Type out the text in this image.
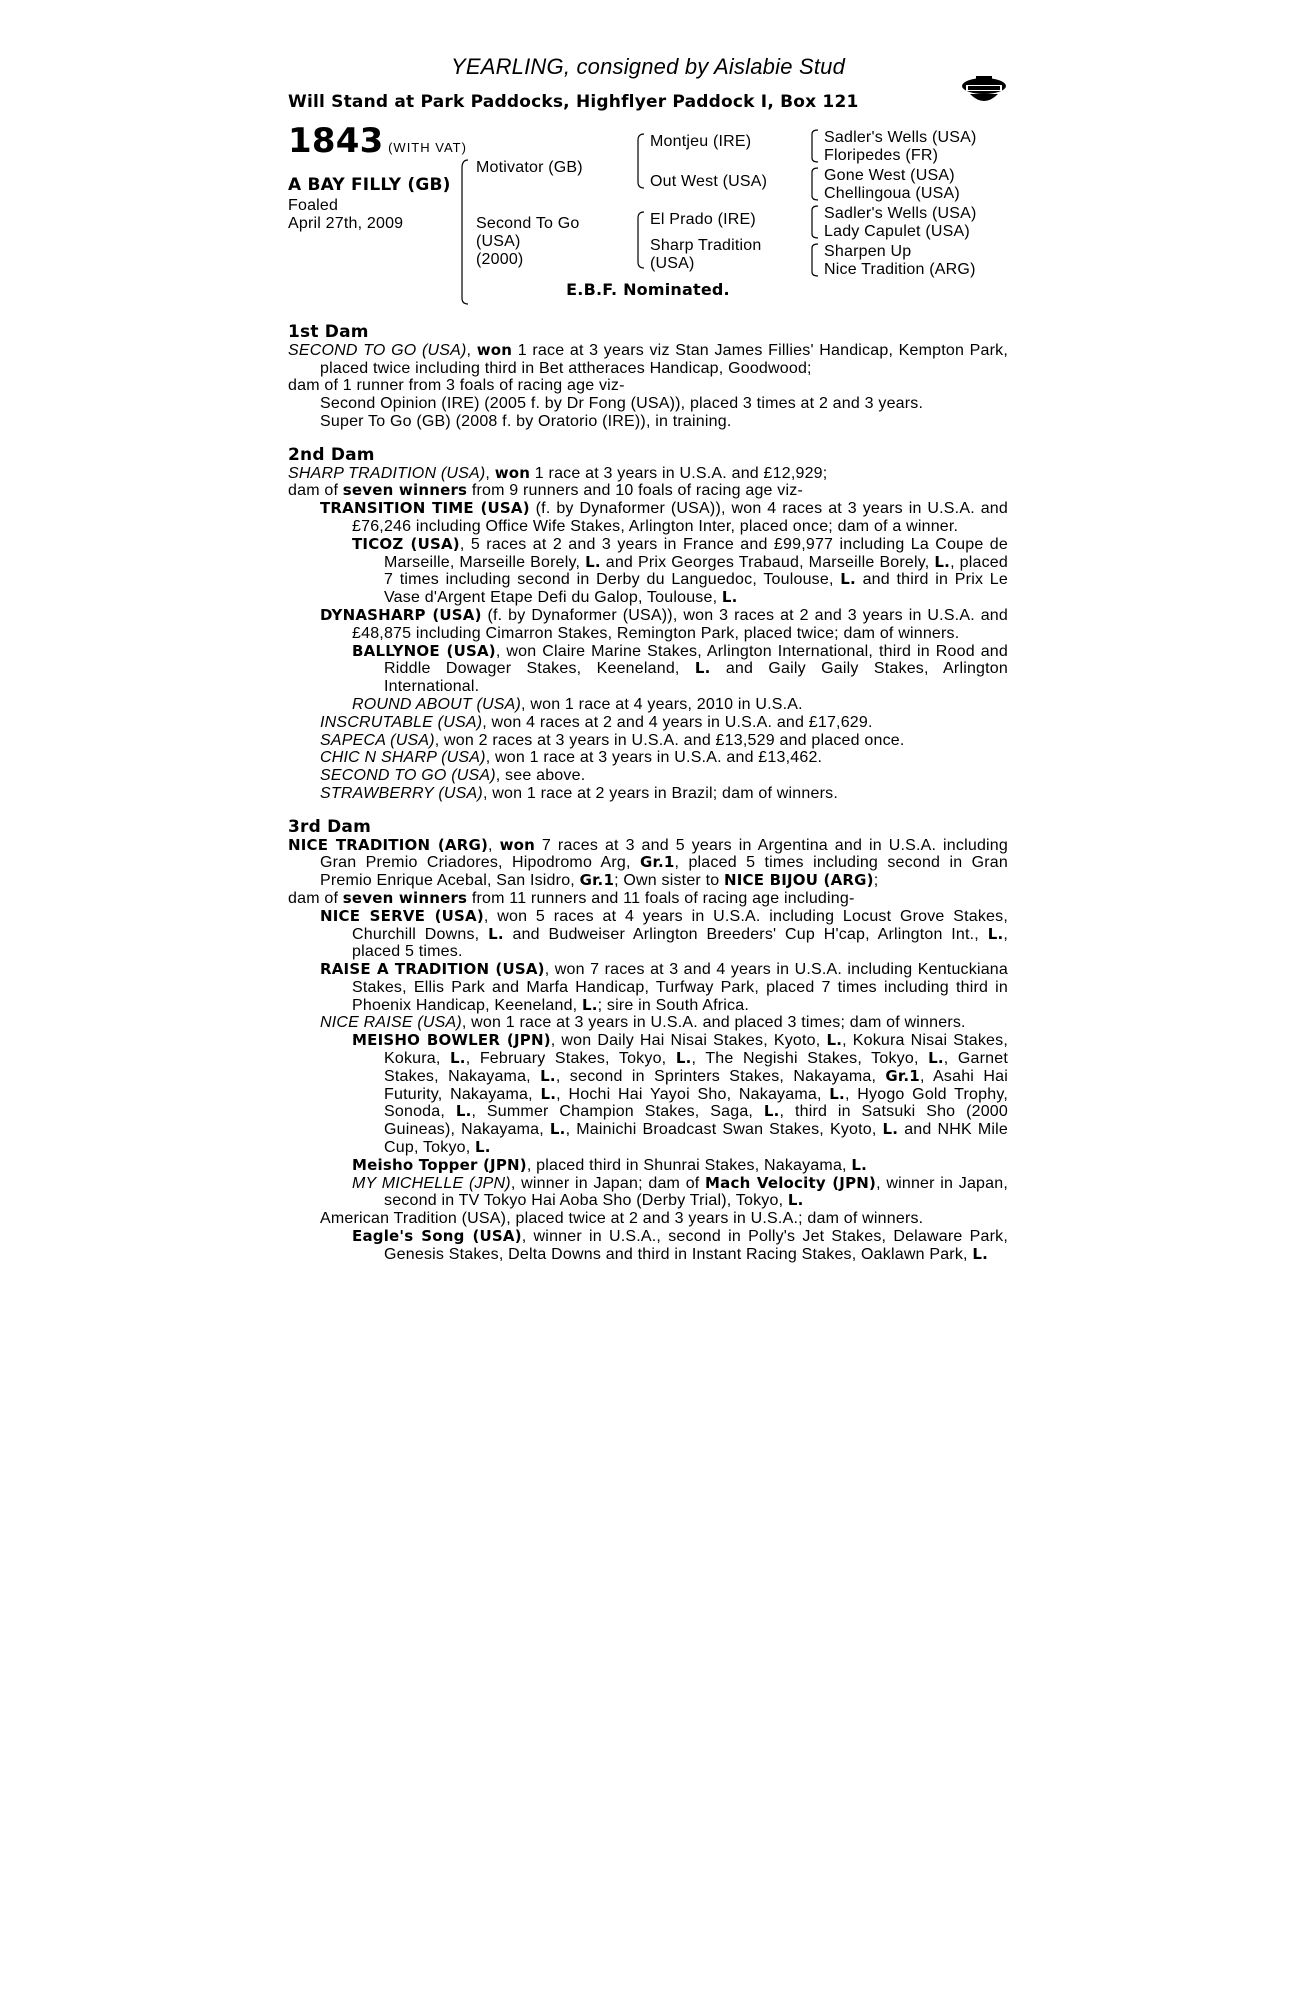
YEARLING, consigned by Aislabie Stud
Will Stand at Park Paddocks, Highflyer Paddock I, Box 121
1843 (WITH VAT)
A BAY FILLY (GB)
Foaled
April 27th, 2009
Motivator (GB)
Second To Go
(USA)
(2000)
Montjeu (IRE)
Out West (USA)
El Prado (IRE)
Sharp Tradition
(USA)
Sadler's Wells (USA)
Floripedes (FR)
Gone West (USA)
Chellingoua (USA)
Sadler's Wells (USA)
Lady Capulet (USA)
Sharpen Up
Nice Tradition (ARG)
E.B.F. Nominated.
1st Dam
SECOND TO GO (USA), won 1 race at 3 years viz Stan James Fillies' Handicap, Kempton Park, placed twice including third in Bet attheraces Handicap, Goodwood;
dam of 1 runner from 3 foals of racing age viz-
Second Opinion (IRE) (2005 f. by Dr Fong (USA)), placed 3 times at 2 and 3 years.
Super To Go (GB) (2008 f. by Oratorio (IRE)), in training.
2nd Dam
SHARP TRADITION (USA), won 1 race at 3 years in U.S.A. and £12,929;
dam of seven winners from 9 runners and 10 foals of racing age viz-
TRANSITION TIME (USA) (f. by Dynaformer (USA)), won 4 races at 3 years in U.S.A. and £76,246 including Office Wife Stakes, Arlington Inter, placed once; dam of a winner.
TICOZ (USA), 5 races at 2 and 3 years in France and £99,977 including La Coupe de Marseille, Marseille Borely, L. and Prix Georges Trabaud, Marseille Borely, L., placed 7 times including second in Derby du Languedoc, Toulouse, L. and third in Prix Le Vase d'Argent Etape Defi du Galop, Toulouse, L.
DYNASHARP (USA) (f. by Dynaformer (USA)), won 3 races at 2 and 3 years in U.S.A. and £48,875 including Cimarron Stakes, Remington Park, placed twice; dam of winners.
BALLYNOE (USA), won Claire Marine Stakes, Arlington International, third in Rood and Riddle Dowager Stakes, Keeneland, L. and Gaily Gaily Stakes, Arlington International.
ROUND ABOUT (USA), won 1 race at 4 years, 2010 in U.S.A.
INSCRUTABLE (USA), won 4 races at 2 and 4 years in U.S.A. and £17,629.
SAPECA (USA), won 2 races at 3 years in U.S.A. and £13,529 and placed once.
CHIC N SHARP (USA), won 1 race at 3 years in U.S.A. and £13,462.
SECOND TO GO (USA), see above.
STRAWBERRY (USA), won 1 race at 2 years in Brazil; dam of winners.
3rd Dam
NICE TRADITION (ARG), won 7 races at 3 and 5 years in Argentina and in U.S.A. including Gran Premio Criadores, Hipodromo Arg, Gr.1, placed 5 times including second in Gran Premio Enrique Acebal, San Isidro, Gr.1; Own sister to NICE BIJOU (ARG);
dam of seven winners from 11 runners and 11 foals of racing age including-
NICE SERVE (USA), won 5 races at 4 years in U.S.A. including Locust Grove Stakes, Churchill Downs, L. and Budweiser Arlington Breeders' Cup H'cap, Arlington Int., L., placed 5 times.
RAISE A TRADITION (USA), won 7 races at 3 and 4 years in U.S.A. including Kentuckiana Stakes, Ellis Park and Marfa Handicap, Turfway Park, placed 7 times including third in Phoenix Handicap, Keeneland, L.; sire in South Africa.
NICE RAISE (USA), won 1 race at 3 years in U.S.A. and placed 3 times; dam of winners.
MEISHO BOWLER (JPN), won Daily Hai Nisai Stakes, Kyoto, L., Kokura Nisai Stakes, Kokura, L., February Stakes, Tokyo, L., The Negishi Stakes, Tokyo, L., Garnet Stakes, Nakayama, L., second in Sprinters Stakes, Nakayama, Gr.1, Asahi Hai Futurity, Nakayama, L., Hochi Hai Yayoi Sho, Nakayama, L., Hyogo Gold Trophy, Sonoda, L., Summer Champion Stakes, Saga, L., third in Satsuki Sho (2000 Guineas), Nakayama, L., Mainichi Broadcast Swan Stakes, Kyoto, L. and NHK Mile Cup, Tokyo, L.
Meisho Topper (JPN), placed third in Shunrai Stakes, Nakayama, L.
MY MICHELLE (JPN), winner in Japan; dam of Mach Velocity (JPN), winner in Japan, second in TV Tokyo Hai Aoba Sho (Derby Trial), Tokyo, L.
American Tradition (USA), placed twice at 2 and 3 years in U.S.A.; dam of winners.
Eagle's Song (USA), winner in U.S.A., second in Polly's Jet Stakes, Delaware Park, Genesis Stakes, Delta Downs and third in Instant Racing Stakes, Oaklawn Park, L.
